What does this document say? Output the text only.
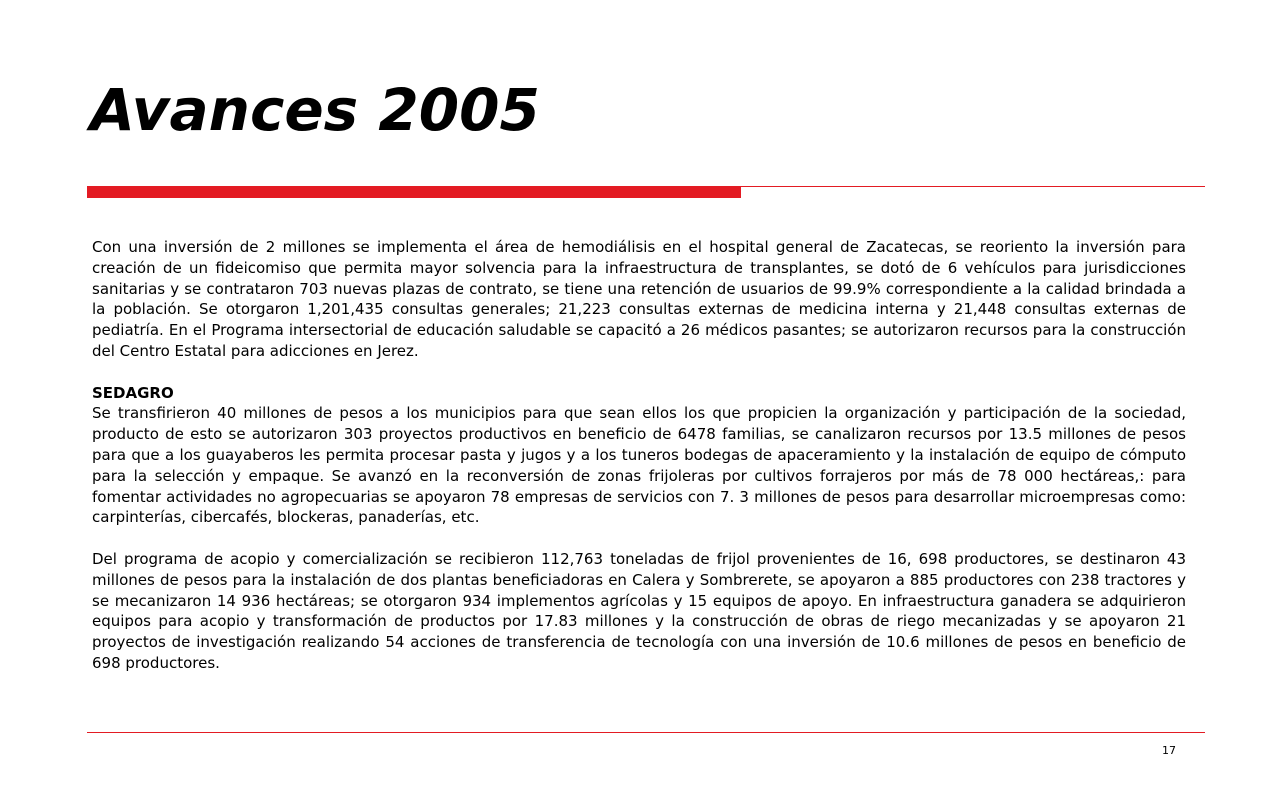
Avances 2005

Con una inversión de 2 millones se implementa el área de hemodiálisis en el hospital general de Zacatecas, se reoriento la inversión para creación de un fideicomiso que permita mayor solvencia para la infraestructura de transplantes, se dotó de 6 vehículos para jurisdicciones sanitarias y se contrataron 703 nuevas plazas de contrato, se tiene una retención de usuarios de 99.9% correspondiente a la calidad brindada a la población. Se otorgaron 1,201,435 consultas generales; 21,223 consultas externas de medicina interna y 21,448 consultas externas de pediatría. En el Programa intersectorial de educación saludable se capacitó a 26 médicos pasantes; se autorizaron recursos para la construcción del Centro Estatal para adicciones en Jerez.

SEDAGRO

Se transfirieron 40 millones de pesos a los municipios para que sean ellos los que propicien la organización y participación de la sociedad, producto de esto se autorizaron 303 proyectos productivos en beneficio de 6478 familias, se canalizaron recursos por 13.5 millones de pesos para que a los guayaberos les permita procesar pasta y jugos y a los tuneros bodegas de apaceramiento y la instalación de equipo de cómputo para la selección y empaque. Se avanzó en la reconversión de zonas frijoleras por cultivos forrajeros por más de 78 000 hectáreas,: para fomentar actividades no agropecuarias se apoyaron 78 empresas de servicios con 7. 3 millones de pesos para desarrollar microempresas como: carpinterías, cibercafés, blockeras, panaderías, etc.

Del programa de acopio y comercialización se recibieron 112,763 toneladas de frijol provenientes de 16, 698 productores, se destinaron 43 millones de pesos para la instalación de dos plantas beneficiadoras en Calera y Sombrerete, se apoyaron a 885 productores con 238 tractores y se mecanizaron 14 936 hectáreas; se otorgaron 934 implementos agrícolas y 15 equipos de apoyo. En infraestructura ganadera se adquirieron equipos para acopio y transformación de productos por 17.83 millones y la construcción de obras de riego mecanizadas y se apoyaron 21 proyectos de investigación realizando 54 acciones de transferencia de tecnología con una inversión de 10.6 millones de pesos en beneficio de 698 productores.

17
